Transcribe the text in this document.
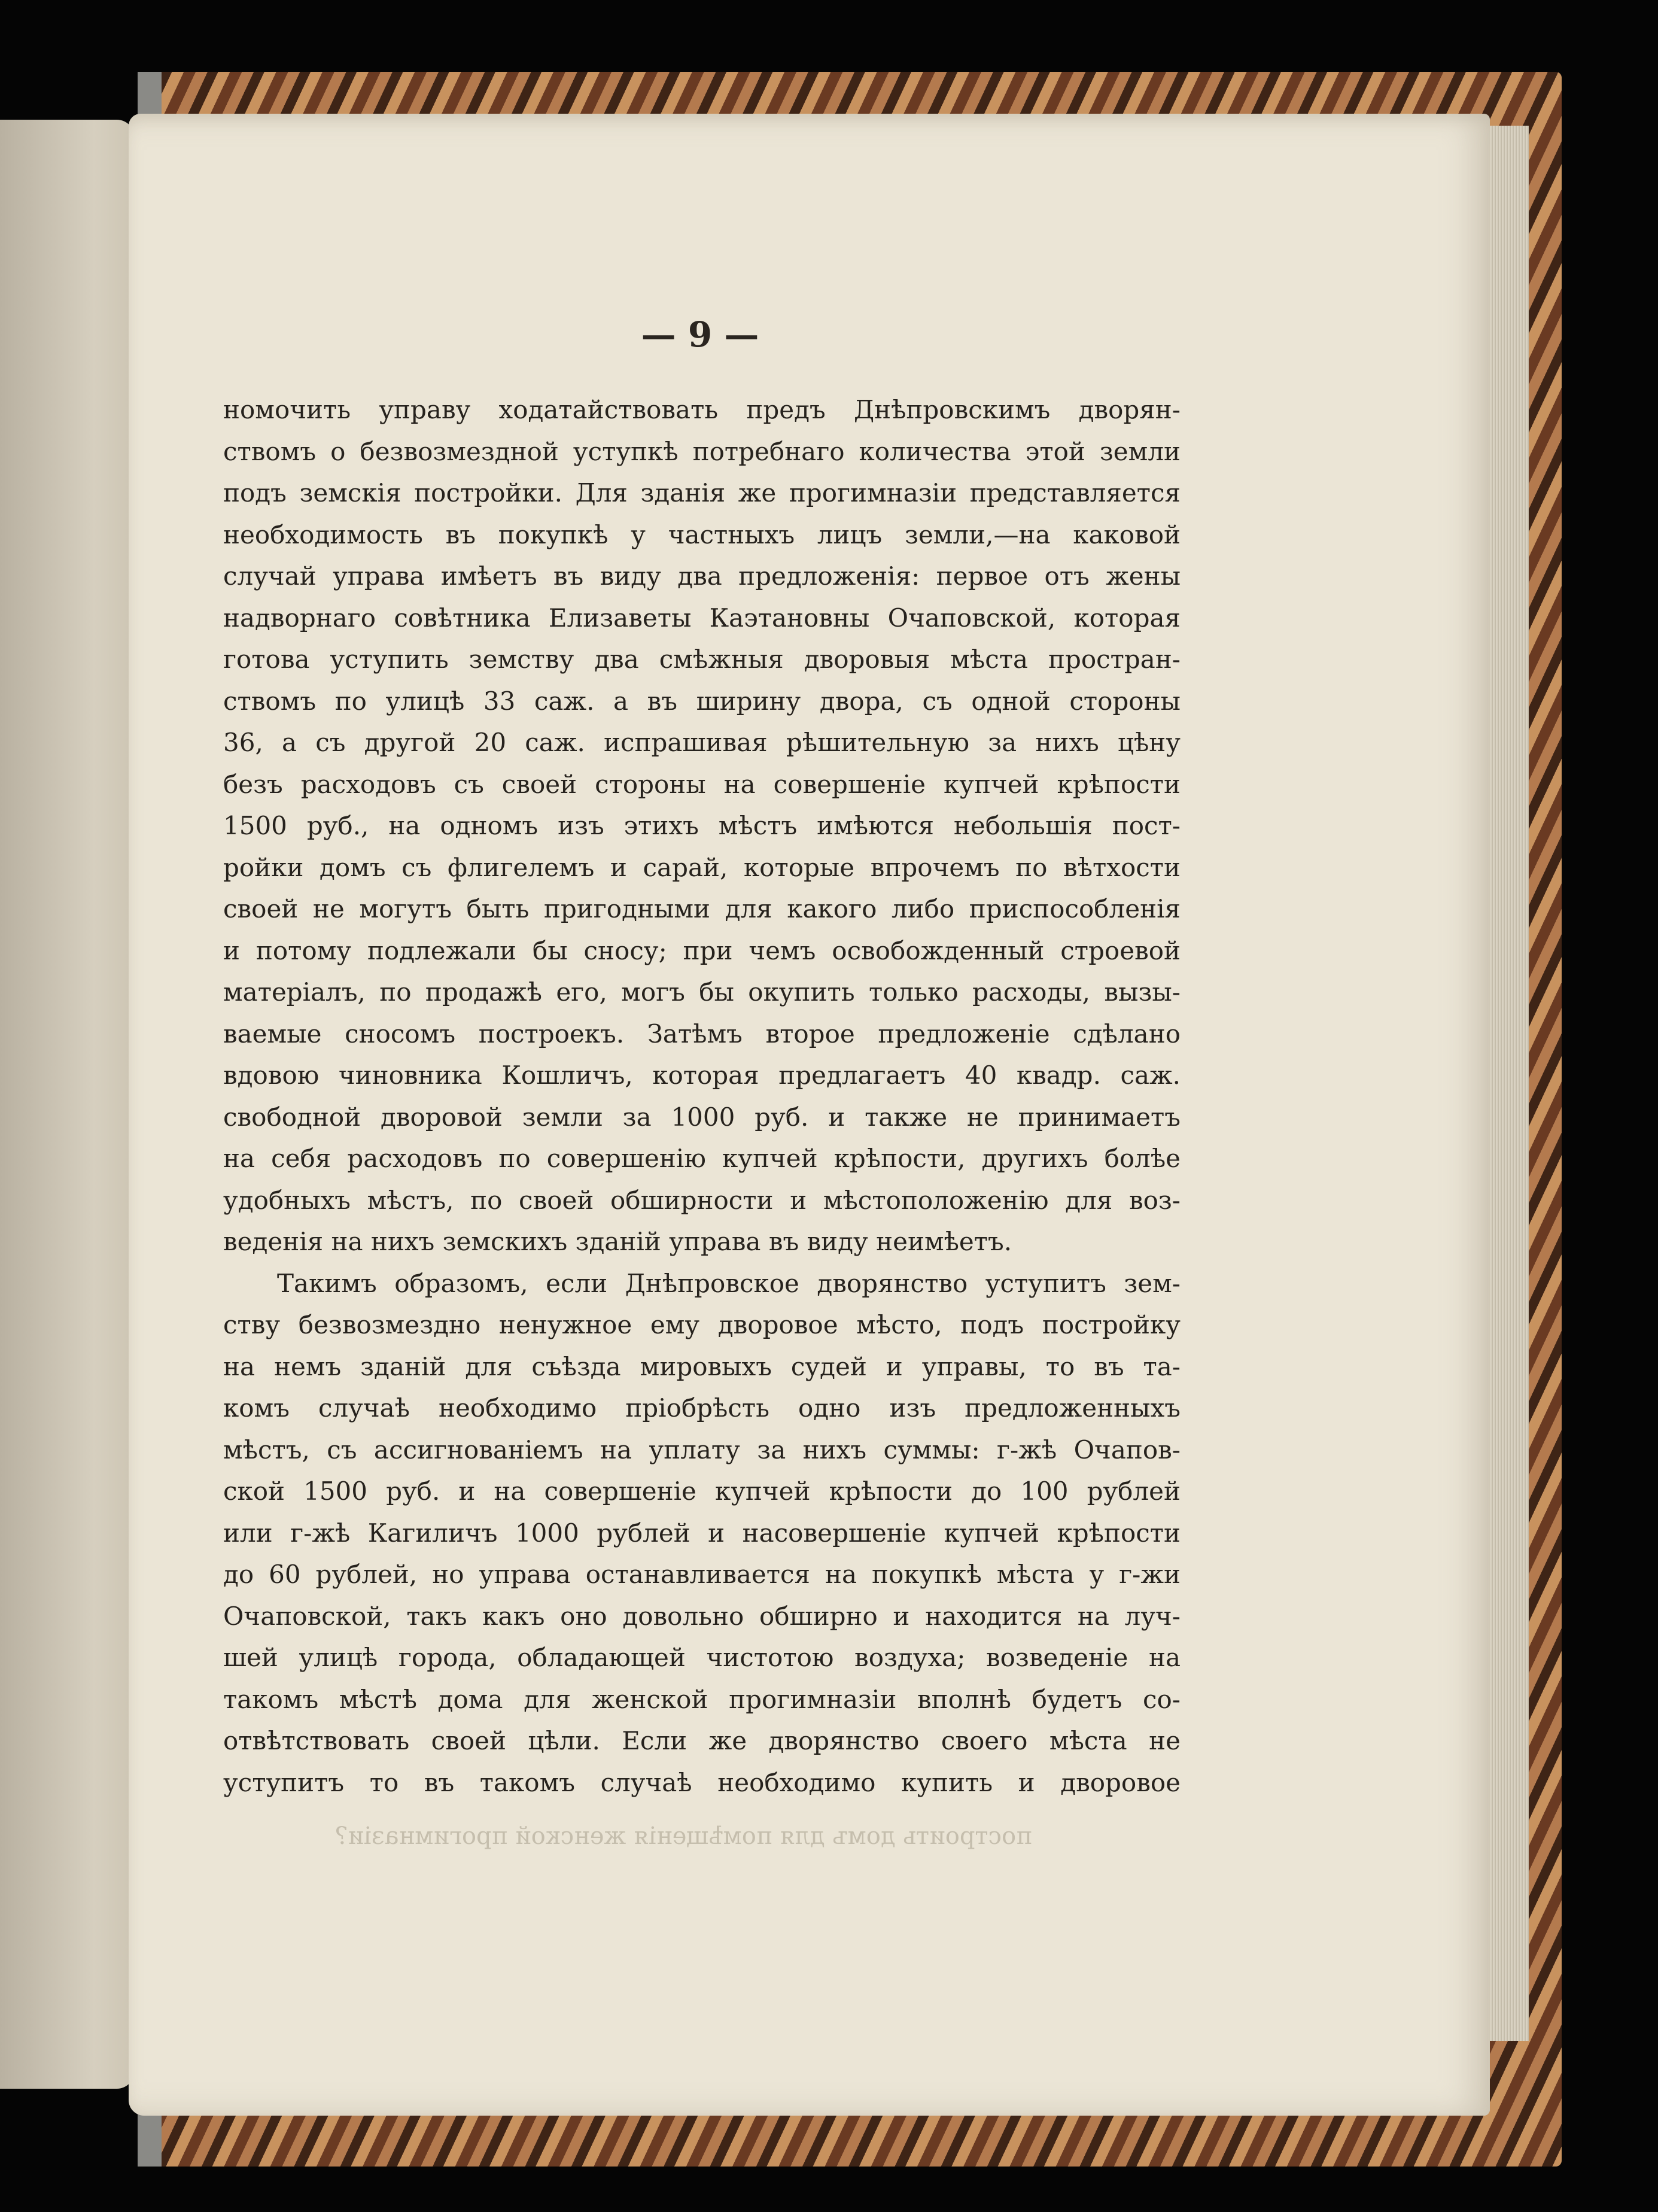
— 9 —
номочить управу ходатайствовать предъ Днѣпровскимъ дворян-
ствомъ о безвозмездной уступкѣ потребнаго количества этой земли
подъ земскія постройки. Для зданія же прогимназіи представляется
необходимость въ покупкѣ у частныхъ лицъ земли,—на каковой
случай управа имѣетъ въ виду два предложенія: первое отъ жены
надворнаго совѣтника Елизаветы Каэтановны Очаповской, которая
готова уступить земству два смѣжныя дворовыя мѣста простран-
ствомъ по улицѣ 33 саж. а въ ширину двора, съ одной стороны
36, а съ другой 20 саж. испрашивая рѣшительную за нихъ цѣну
безъ расходовъ съ своей стороны на совершеніе купчей крѣпости
1500 руб., на одномъ изъ этихъ мѣстъ имѣются небольшія пост-
ройки домъ съ флигелемъ и сарай, которые впрочемъ по вѣтхости
своей не могутъ быть пригодными для какого либо приспособленія
и потому подлежали бы сносу; при чемъ освобожденный строевой
матеріалъ, по продажѣ его, могъ бы окупить только расходы, вызы-
ваемые сносомъ построекъ. Затѣмъ второе предложеніе сдѣлано
вдовою чиновника Кошличъ, которая предлагаетъ 40 квадр. саж.
свободной дворовой земли за 1000 руб. и также не принимаетъ
на себя расходовъ по совершенію купчей крѣпости, другихъ болѣе
удобныхъ мѣстъ, по своей обширности и мѣстоположенію для воз-
веденія на нихъ земскихъ зданій управа въ виду неимѣетъ.
Такимъ образомъ, если Днѣпровское дворянство уступитъ зем-
ству безвозмездно ненужное ему дворовое мѣсто, подъ постройку
на немъ зданій для съѣзда мировыхъ судей и управы, то въ та-
комъ случаѣ необходимо пріобрѣсть одно изъ предложенныхъ
мѣстъ, съ ассигнованіемъ на уплату за нихъ суммы: г-жѣ Очапов-
ской 1500 руб. и на совершеніе купчей крѣпости до 100 рублей
или г-жѣ Кагиличъ 1000 рублей и насовершеніе купчей крѣпости
до 60 рублей, но управа останавливается на покупкѣ мѣста у г-жи
Очаповской, такъ какъ оно довольно обширно и находится на луч-
шей улицѣ города, обладающей чистотою воздуха; возведеніе на
такомъ мѣстѣ дома для женской прогимназіи вполнѣ будетъ со-
отвѣтствовать своей цѣли. Если же дворянство своего мѣста не
уступитъ то въ такомъ случаѣ необходимо купить и дворовое
построить домъ для помѣщенія женской прогимназіи?
